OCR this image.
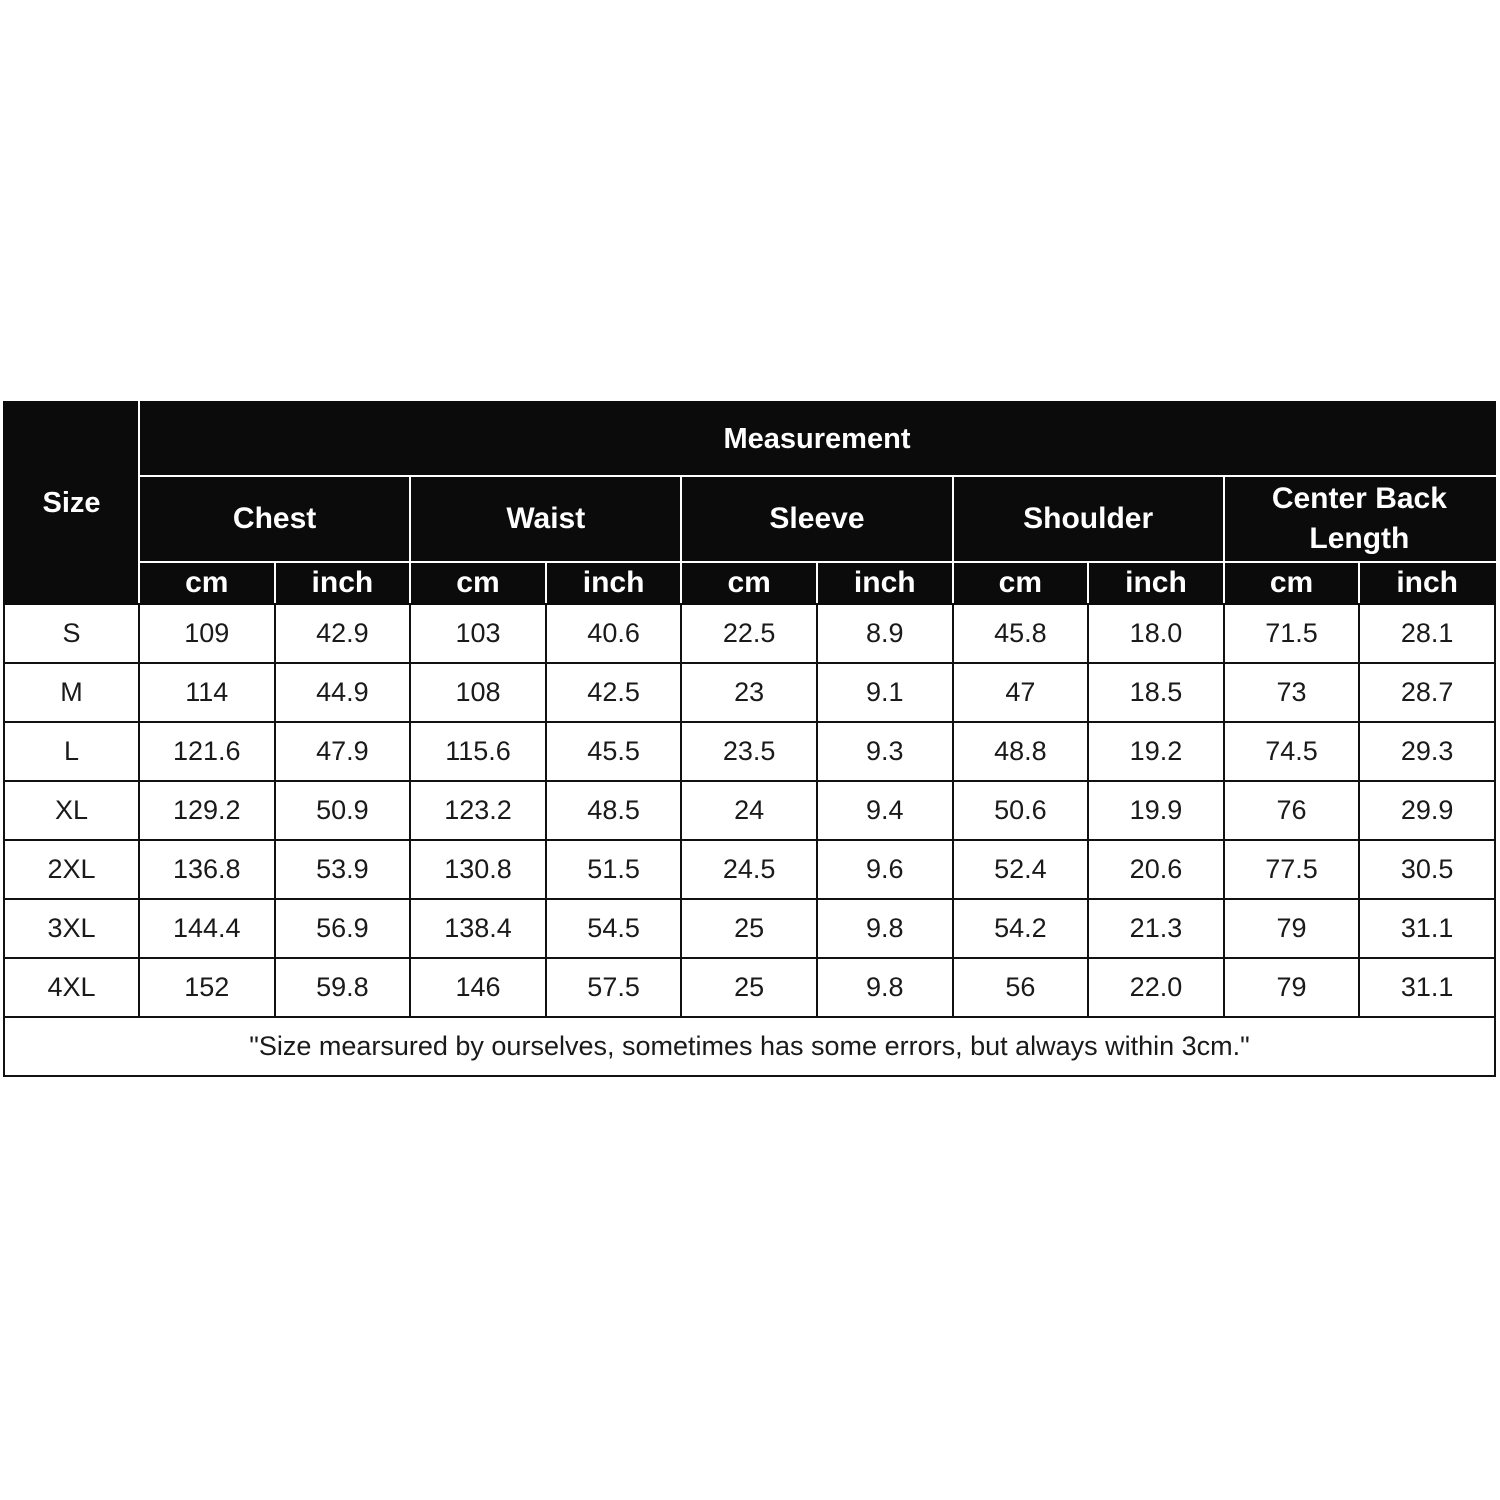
Size	Measurement									
	Chest		Waist		Sleeve		Shoulder		Center Back Length	
	cm	inch	cm	inch	cm	inch	cm	inch	cm	inch
S	109	42.9	103	40.6	22.5	8.9	45.8	18.0	71.5	28.1
M	114	44.9	108	42.5	23	9.1	47	18.5	73	28.7
L	121.6	47.9	115.6	45.5	23.5	9.3	48.8	19.2	74.5	29.3
XL	129.2	50.9	123.2	48.5	24	9.4	50.6	19.9	76	29.9
2XL	136.8	53.9	130.8	51.5	24.5	9.6	52.4	20.6	77.5	30.5
3XL	144.4	56.9	138.4	54.5	25	9.8	54.2	21.3	79	31.1
4XL	152	59.8	146	57.5	25	9.8	56	22.0	79	31.1
"Size mearsured by ourselves, sometimes has some errors, but always within 3cm."										
